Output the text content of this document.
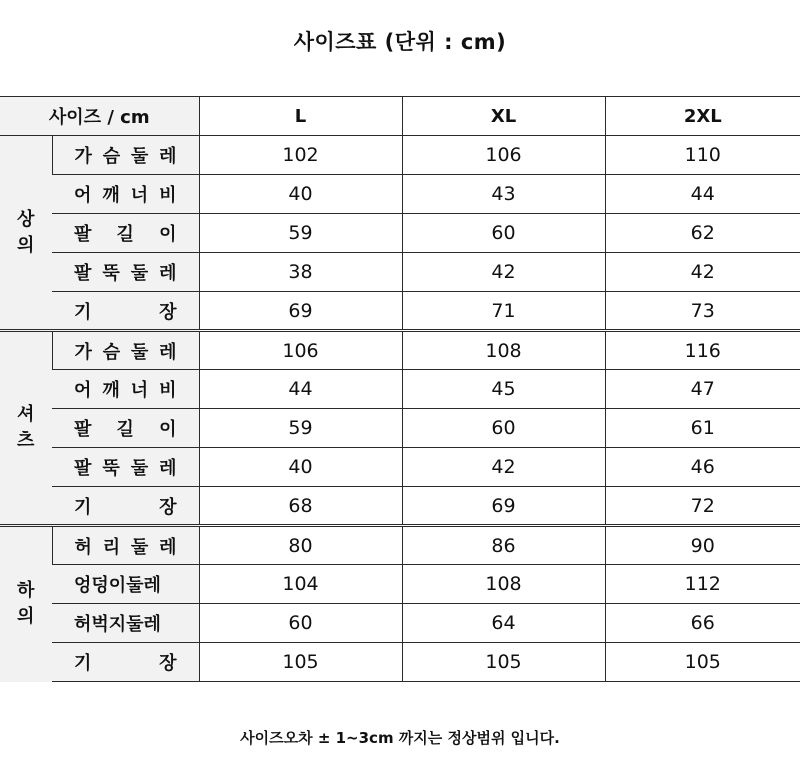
사이즈표 (단위 : cm)
사이즈 / cm		L	XL	2XL
상
의	가 슴 둘 레	102	106	110
	어 깨 너 비	40	43	44
	팔 길 이	59	60	62
	팔 뚝 둘 레	38	42	42
	기 장	69	71	73
셔
츠	가 슴 둘 레	106	108	116
	어 깨 너 비	44	45	47
	팔 길 이	59	60	61
	팔 뚝 둘 레	40	42	46
	기 장	68	69	72
하
의	허 리 둘 레	80	86	90
	엉덩이둘레	104	108	112
	허벅지둘레	60	64	66
	기 장	105	105	105
사이즈오차 ± 1~3cm 까지는 정상범위 입니다.
